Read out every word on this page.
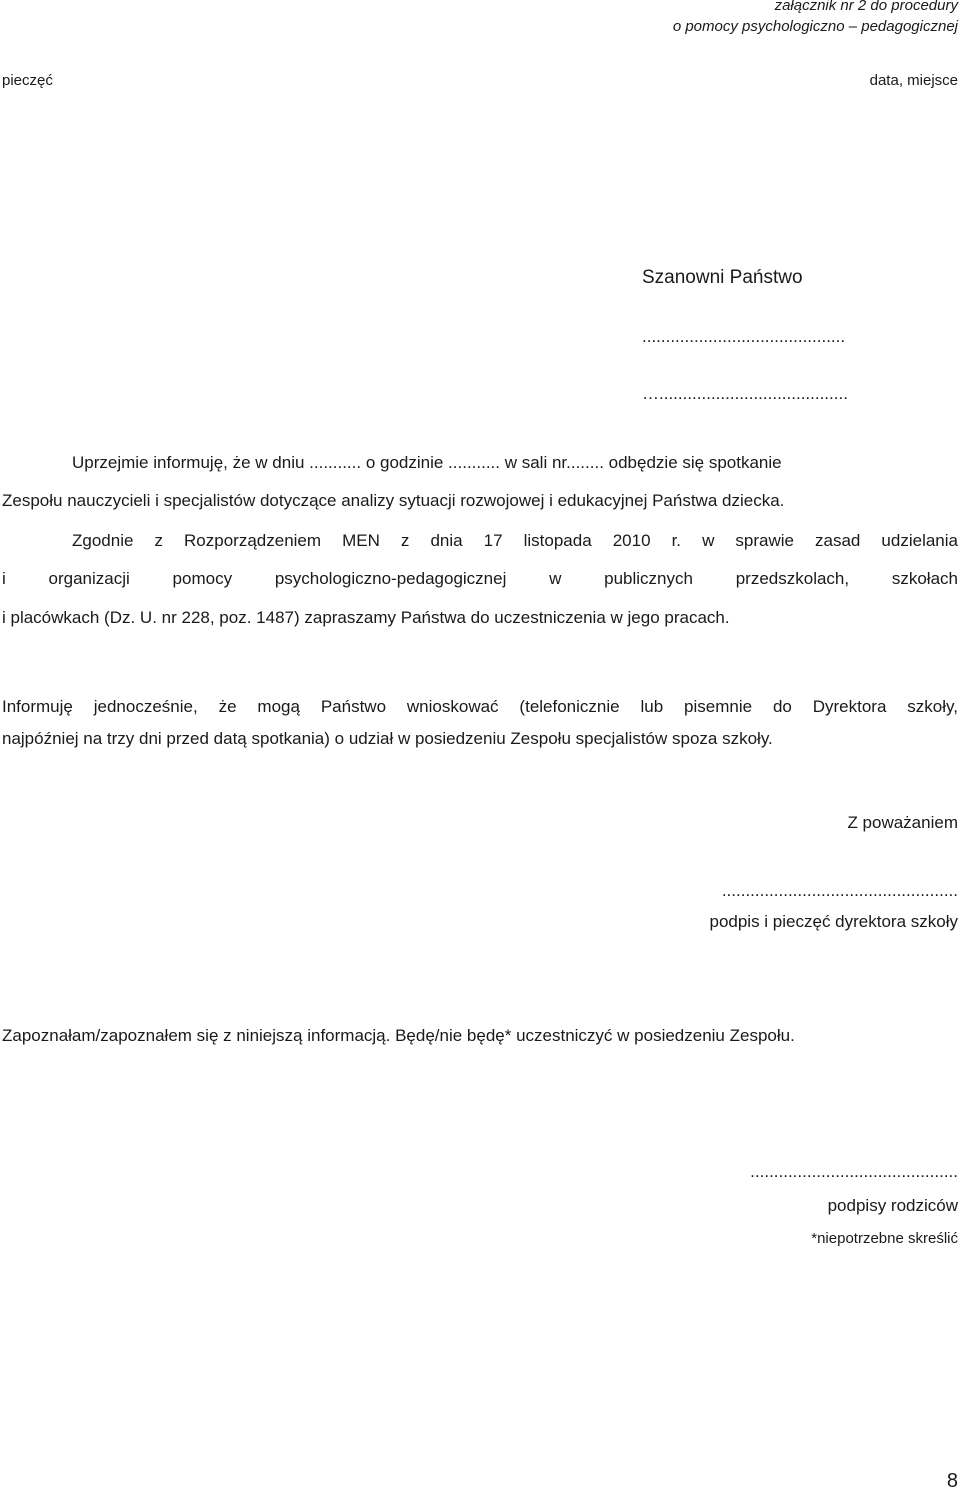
załącznik nr 2 do procedury
o pomocy psychologiczno – pedagogicznej
pieczęć	data, miejsce
Szanowni Państwo
...........................................
…........................................
Uprzejmie informuję, że w dniu ........... o godzinie ........... w sali nr........ odbędzie się spotkanie
Zespołu nauczycieli i specjalistów dotyczące analizy sytuacji rozwojowej i edukacyjnej Państwa dziecka.
Zgodnie z Rozporządzeniem MEN z dnia 17 listopada 2010 r. w sprawie zasad udzielania
i organizacji pomocy psychologiczno-pedagogicznej w publicznych przedszkolach, szkołach
i placówkach (Dz. U. nr 228, poz. 1487) zapraszamy Państwa do uczestniczenia w jego pracach.
Informuję jednocześnie, że mogą Państwo wnioskować (telefonicznie lub pisemnie do Dyrektora szkoły,
najpóźniej na trzy dni przed datą spotkania) o udział w posiedzeniu Zespołu specjalistów spoza szkoły.
Z poważaniem
..................................................
podpis i pieczęć dyrektora szkoły
Zapoznałam/zapoznałem się z niniejszą informacją. Będę/nie będę* uczestniczyć w posiedzeniu Zespołu.
............................................
podpisy rodziców
*niepotrzebne skreślić
8
